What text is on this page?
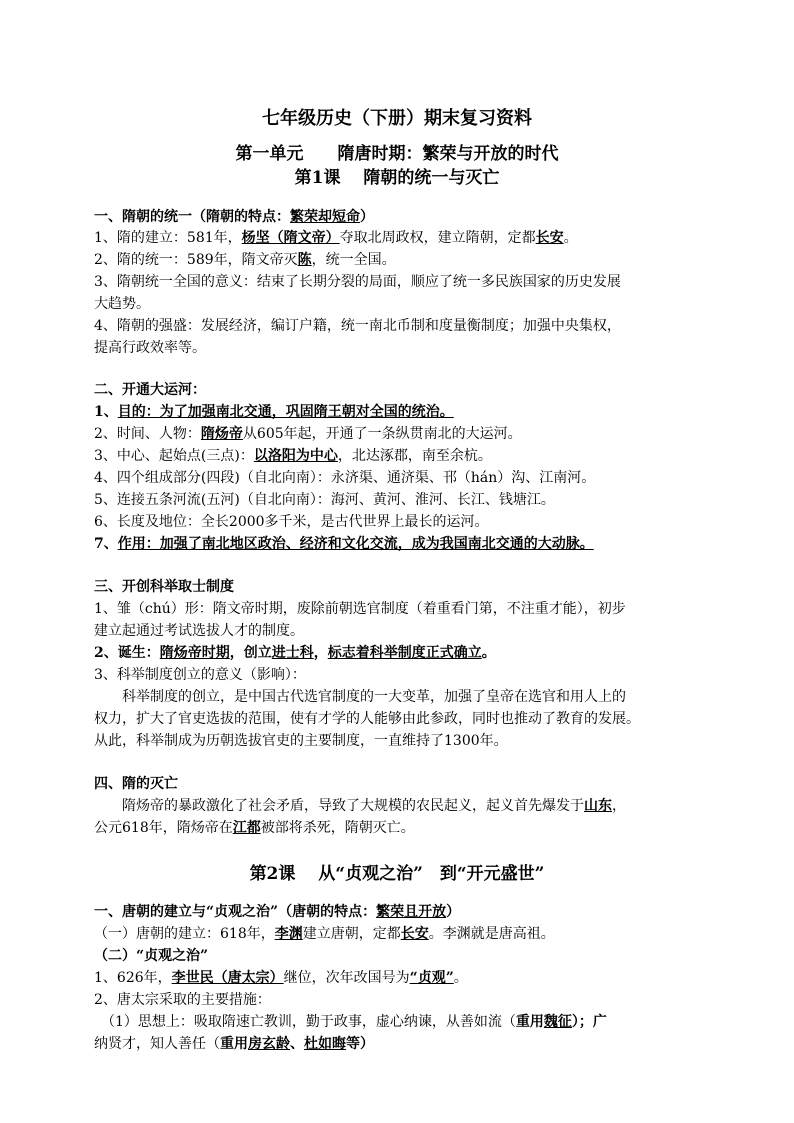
七年级历史（下册）期末复习资料
第一单元　　隋唐时期：繁荣与开放的时代
第1课　 隋朝的统一与灭亡
一、隋朝的统一（隋朝的特点：繁荣却短命）
1、隋的建立：581年，杨坚（隋文帝）夺取北周政权，建立隋朝，定都长安。
2、隋的统一：589年，隋文帝灭陈，统一全国。
3、隋朝统一全国的意义：结束了长期分裂的局面，顺应了统一多民族国家的历史发展
大趋势。
4、隋朝的强盛：发展经济，编订户籍，统一南北币制和度量衡制度；加强中央集权，
提高行政效率等。
二、开通大运河：
1、目的：为了加强南北交通，巩固隋王朝对全国的统治。
2、时间、人物：隋炀帝从605年起，开通了一条纵贯南北的大运河。
3、中心、起始点(三点)：以洛阳为中心，北达涿郡，南至余杭。
4、四个组成部分(四段)（自北向南）：永济渠、通济渠、邗（hán）沟、江南河。
5、连接五条河流(五河)（自北向南）：海河、黄河、淮河、长江、钱塘江。
6、长度及地位：全长2000多千米，是古代世界上最长的运河。
7、作用：加强了南北地区政治、经济和文化交流，成为我国南北交通的大动脉。
三、开创科举取士制度
1、雏（chú）形：隋文帝时期，废除前朝选官制度（着重看门第，不注重才能），初步
建立起通过考试选拔人才的制度。
2、诞生：隋炀帝时期，创立进士科，标志着科举制度正式确立。
3、科举制度创立的意义（影响）：
　　科举制度的创立，是中国古代选官制度的一大变革，加强了皇帝在选官和用人上的
权力，扩大了官吏选拔的范围，使有才学的人能够由此参政，同时也推动了教育的发展。
从此，科举制成为历朝选拔官吏的主要制度，一直维持了1300年。
四、隋的灭亡
　　隋炀帝的暴政激化了社会矛盾，导致了大规模的农民起义，起义首先爆发于山东，
公元618年，隋炀帝在江都被部将杀死，隋朝灭亡。
第2课　 从“贞观之治”　到“开元盛世”
一、唐朝的建立与“贞观之治”（唐朝的特点：繁荣且开放）
（一）唐朝的建立：618年，李渊建立唐朝，定都长安。李渊就是唐高祖。
（二）“贞观之治”
1、626年，李世民（唐太宗）继位，次年改国号为“贞观”。
2、唐太宗采取的主要措施：
　（1）思想上：吸取隋速亡教训，勤于政事，虚心纳谏，从善如流（重用魏征）；广
纳贤才，知人善任（重用房玄龄、杜如晦等）
